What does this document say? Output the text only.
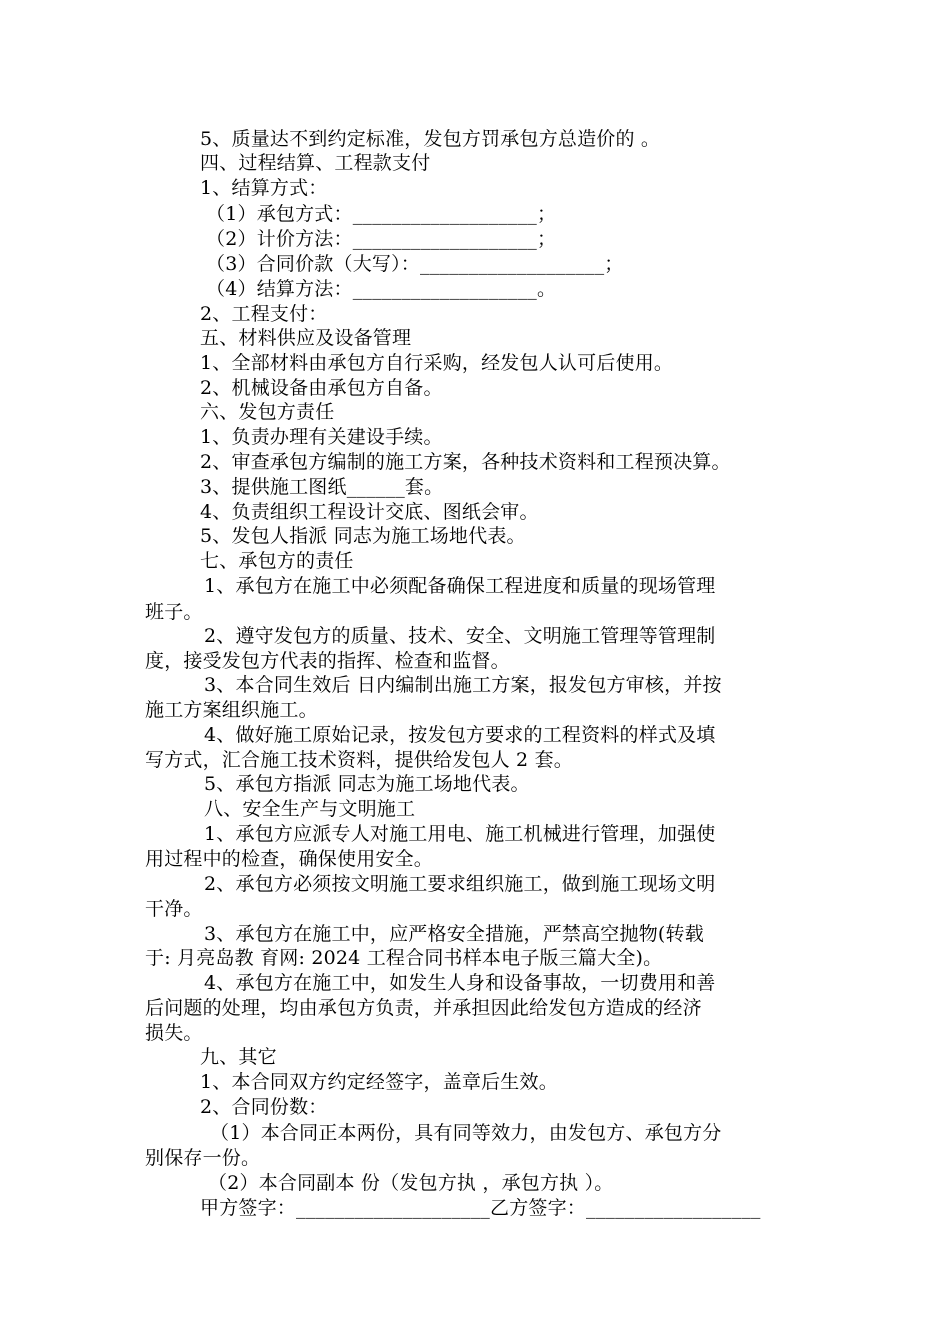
5、质量达不到约定标准，发包方罚承包方总造价的 。
四、过程结算、工程款支付
1、结算方式：
（1）承包方式：___________________；
（2）计价方法：___________________；
（3）合同价款（大写）：___________________；
（4）结算方法：___________________。
2、工程支付：
五、材料供应及设备管理
1、全部材料由承包方自行采购，经发包人认可后使用。
2、机械设备由承包方自备。
六、发包方责任
1、负责办理有关建设手续。
2、审查承包方编制的施工方案，各种技术资料和工程预决算。
3、提供施工图纸______套。
4、负责组织工程设计交底、图纸会审。
5、发包人指派 同志为施工场地代表。
七、承包方的责任
1、承包方在施工中必须配备确保工程进度和质量的现场管理
班子。
2、遵守发包方的质量、技术、安全、文明施工管理等管理制
度，接受发包方代表的指挥、检查和监督。
3、本合同生效后 日内编制出施工方案，报发包方审核，并按
施工方案组织施工。
4、做好施工原始记录，按发包方要求的工程资料的样式及填
写方式，汇合施工技术资料，提供给发包人 2 套。
5、承包方指派 同志为施工场地代表。
八、安全生产与文明施工
1、承包方应派专人对施工用电、施工机械进行管理，加强使
用过程中的检查，确保使用安全。
2、承包方必须按文明施工要求组织施工，做到施工现场文明
干净。
3、承包方在施工中，应严格安全措施，严禁高空抛物(转载
于: 月亮岛教 育网: 2024 工程合同书样本电子版三篇大全)。
4、承包方在施工中，如发生人身和设备事故，一切费用和善
后问题的处理，均由承包方负责，并承担因此给发包方造成的经济
损失。
九、其它
1、本合同双方约定经签字，盖章后生效。
2、合同份数：
（1）本合同正本两份，具有同等效力，由发包方、承包方分
别保存一份。
（2）本合同副本 份（发包方执 ，承包方执 ）。
甲方签字：____________________乙方签字：__________________
